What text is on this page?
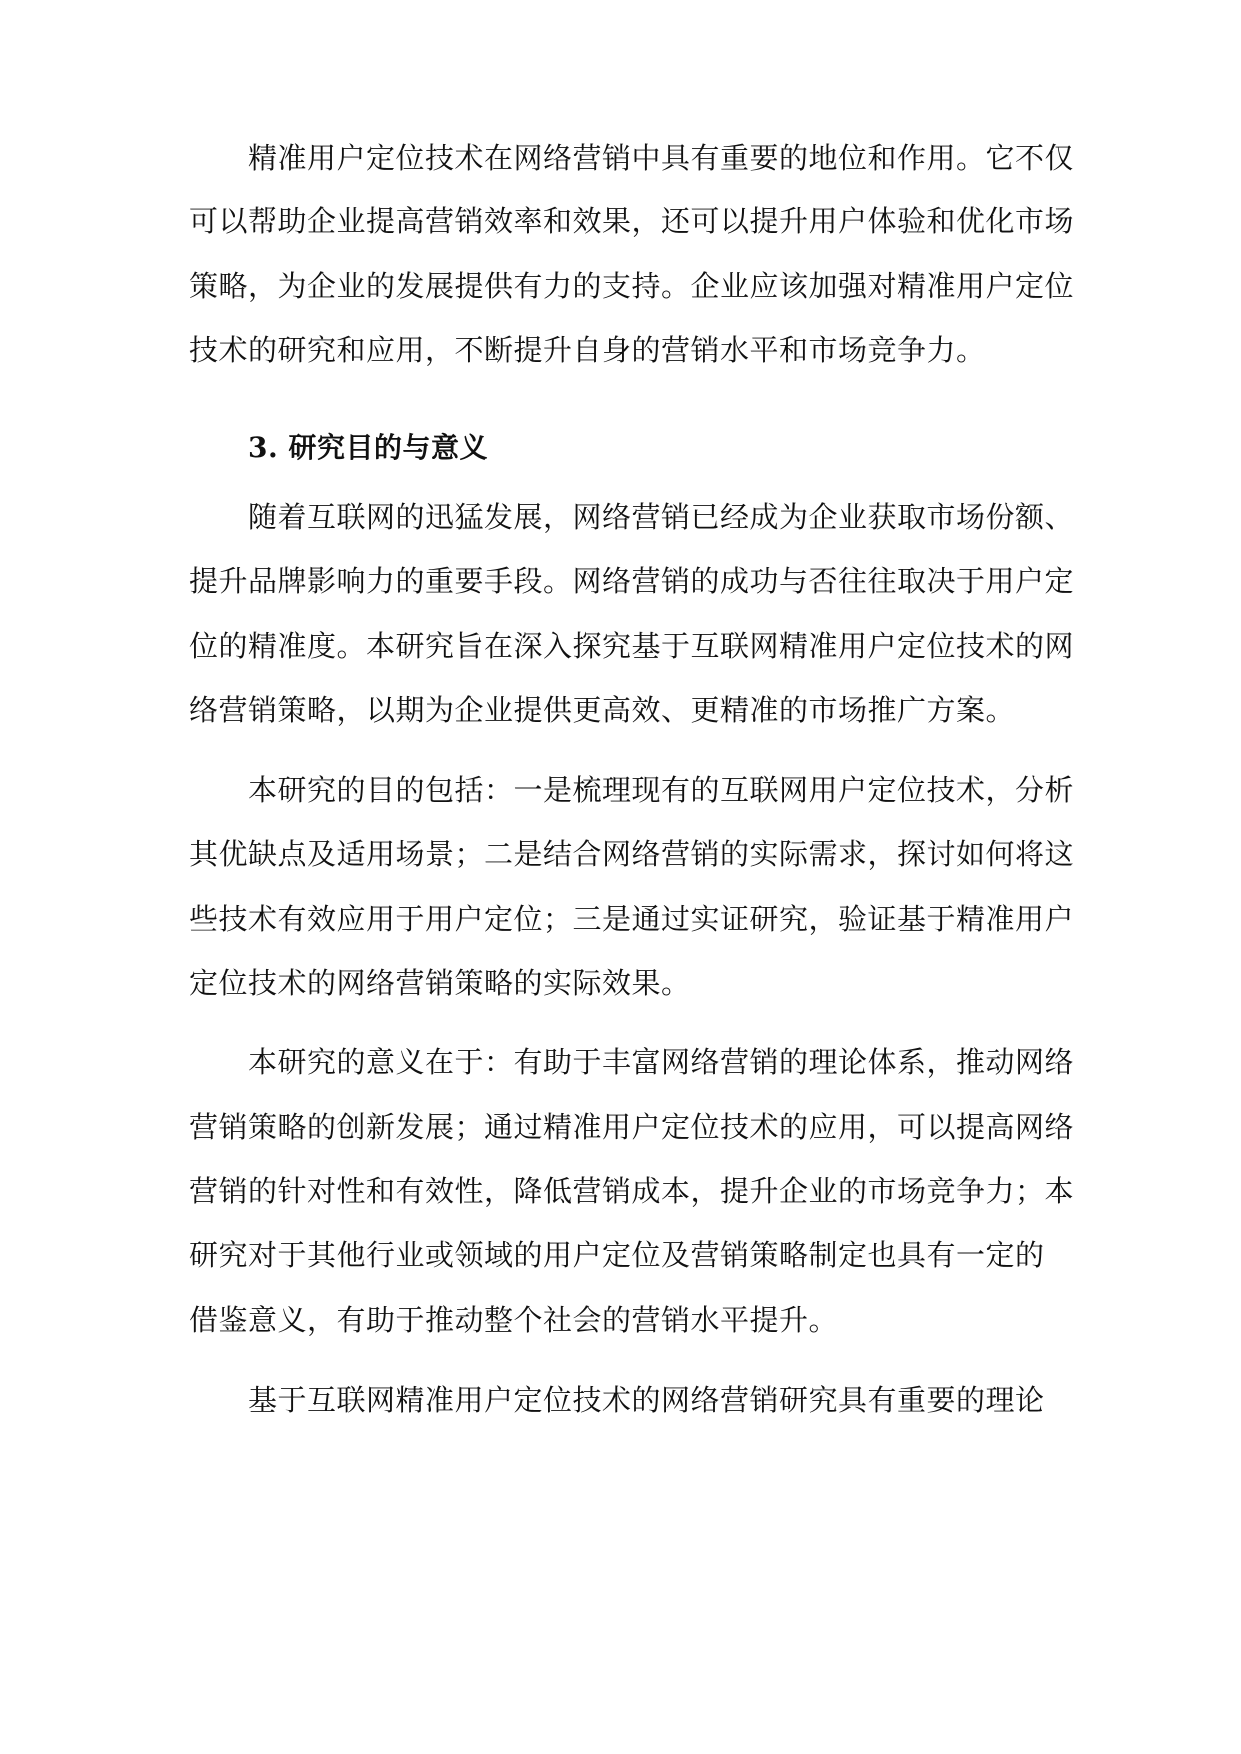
精准用户定位技术在网络营销中具有重要的地位和作用。它不仅
可以帮助企业提高营销效率和效果，还可以提升用户体验和优化市场
策略，为企业的发展提供有力的支持。企业应该加强对精准用户定位
技术的研究和应用，不断提升自身的营销水平和市场竞争力。
3. 研究目的与意义
随着互联网的迅猛发展，网络营销已经成为企业获取市场份额、
提升品牌影响力的重要手段。网络营销的成功与否往往取决于用户定
位的精准度。本研究旨在深入探究基于互联网精准用户定位技术的网
络营销策略，以期为企业提供更高效、更精准的市场推广方案。
本研究的目的包括：一是梳理现有的互联网用户定位技术，分析
其优缺点及适用场景；二是结合网络营销的实际需求，探讨如何将这
些技术有效应用于用户定位；三是通过实证研究，验证基于精准用户
定位技术的网络营销策略的实际效果。
本研究的意义在于：有助于丰富网络营销的理论体系，推动网络
营销策略的创新发展；通过精准用户定位技术的应用，可以提高网络
营销的针对性和有效性，降低营销成本，提升企业的市场竞争力；本
研究对于其他行业或领域的用户定位及营销策略制定也具有一定的
借鉴意义，有助于推动整个社会的营销水平提升。
基于互联网精准用户定位技术的网络营销研究具有重要的理论
